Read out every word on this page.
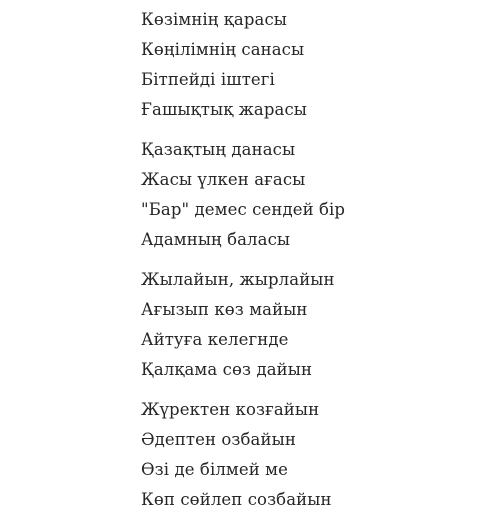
Көзімнің қарасы
Көңілімнің санасы
Бітпейді іштегі
Ғашықтық жарасы
Қазақтың данасы
Жасы үлкен ағасы
"Бар" демес сендей бір
Адамның баласы
Жылайын, жырлайын
Ағызып көз майын
Айтуға келегнде
Қалқама сөз дайын
Жүректен козғайын
Әдептен озбайын
Өзі де білмей ме
Көп сөйлеп созбайын
